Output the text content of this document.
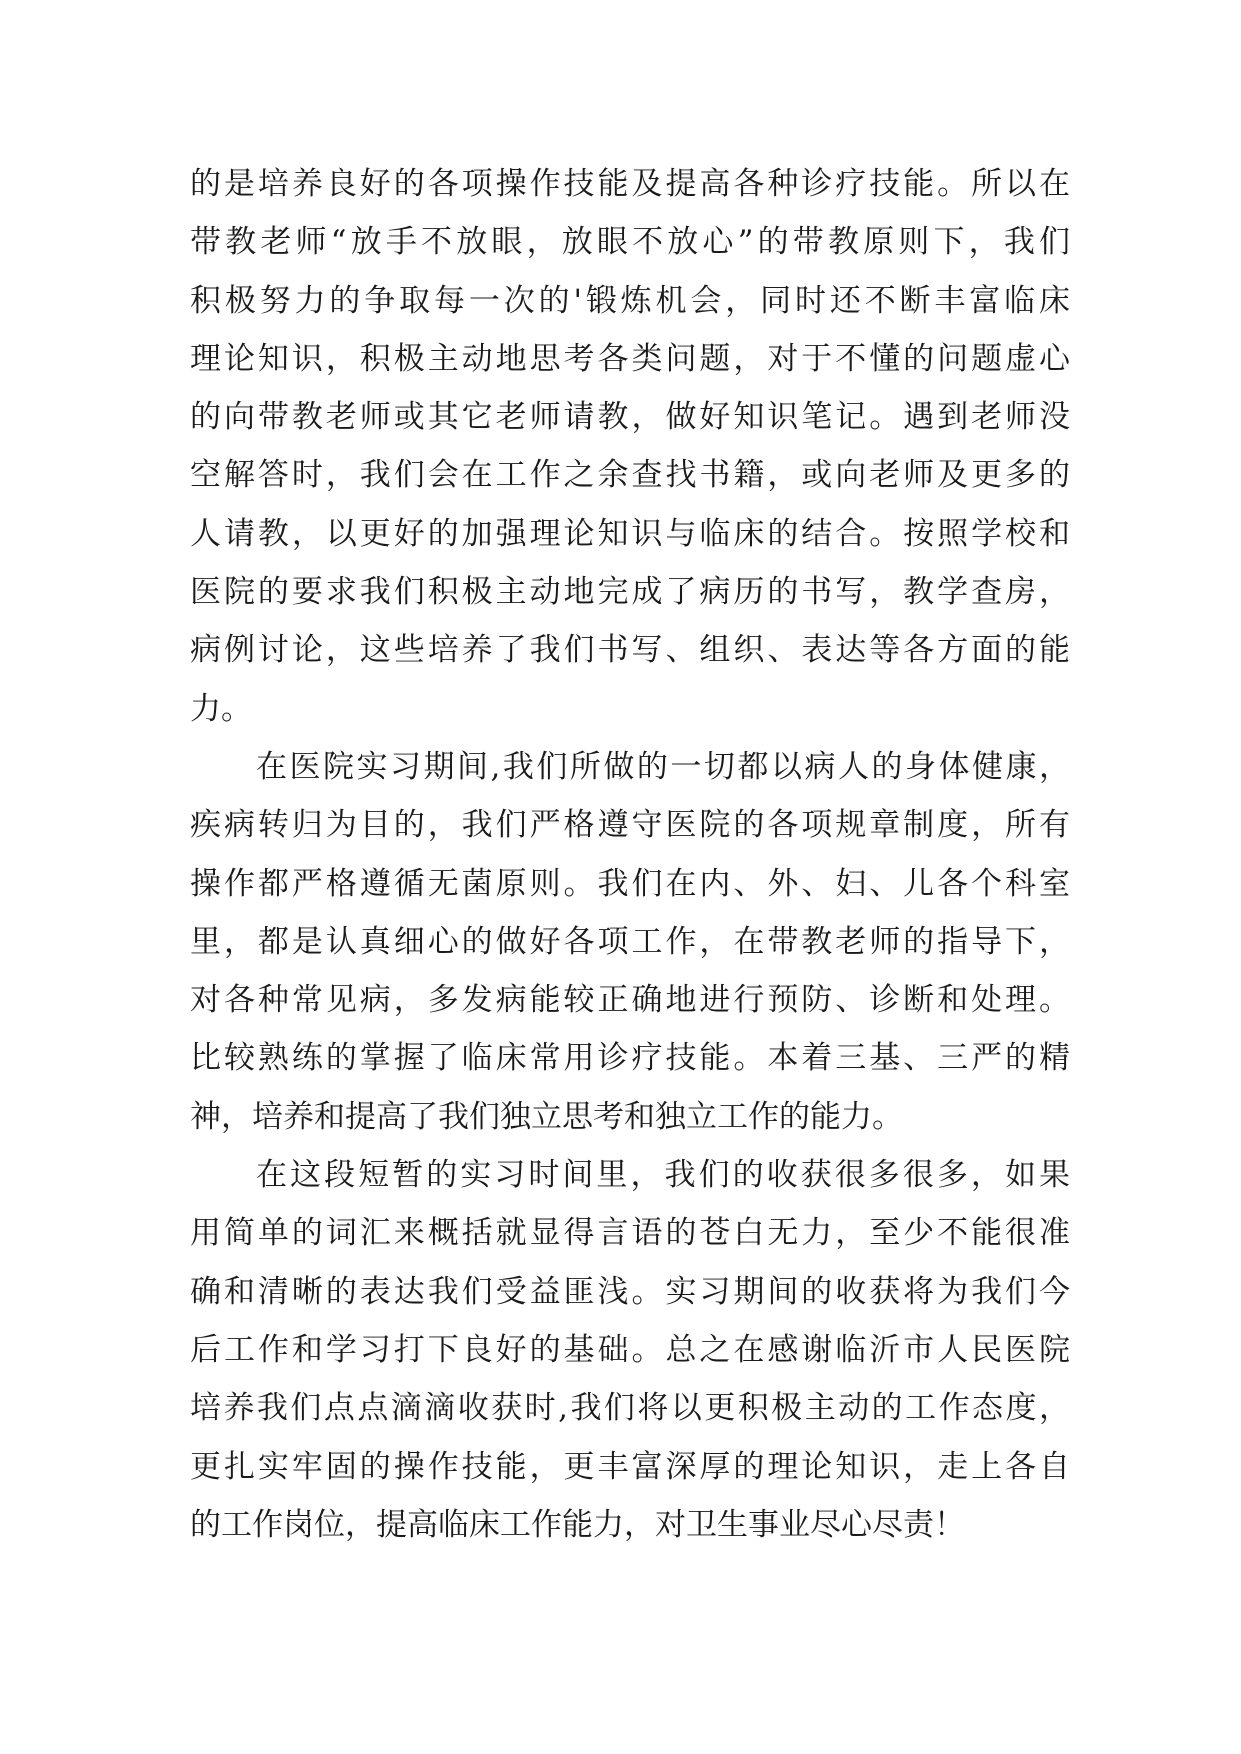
的是培养良好的各项操作技能及提高各种诊疗技能。所以在
带教老师“放手不放眼，放眼不放心”的带教原则下，我们
积极努力的争取每一次的'锻炼机会，同时还不断丰富临床
理论知识，积极主动地思考各类问题，对于不懂的问题虚心
的向带教老师或其它老师请教，做好知识笔记。遇到老师没
空解答时，我们会在工作之余查找书籍，或向老师及更多的
人请教，以更好的加强理论知识与临床的结合。按照学校和
医院的要求我们积极主动地完成了病历的书写，教学查房，
病例讨论，这些培养了我们书写、组织、表达等各方面的能
力。
在医院实习期间,我们所做的一切都以病人的身体健康，
疾病转归为目的，我们严格遵守医院的各项规章制度，所有
操作都严格遵循无菌原则。我们在内、外、妇、儿各个科室
里，都是认真细心的做好各项工作，在带教老师的指导下，
对各种常见病，多发病能较正确地进行预防、诊断和处理。
比较熟练的掌握了临床常用诊疗技能。本着三基、三严的精
神，培养和提高了我们独立思考和独立工作的能力。
在这段短暂的实习时间里，我们的收获很多很多，如果
用简单的词汇来概括就显得言语的苍白无力，至少不能很准
确和清晰的表达我们受益匪浅。实习期间的收获将为我们今
后工作和学习打下良好的基础。总之在感谢临沂市人民医院
培养我们点点滴滴收获时,我们将以更积极主动的工作态度，
更扎实牢固的操作技能，更丰富深厚的理论知识，走上各自
的工作岗位，提高临床工作能力，对卫生事业尽心尽责！
